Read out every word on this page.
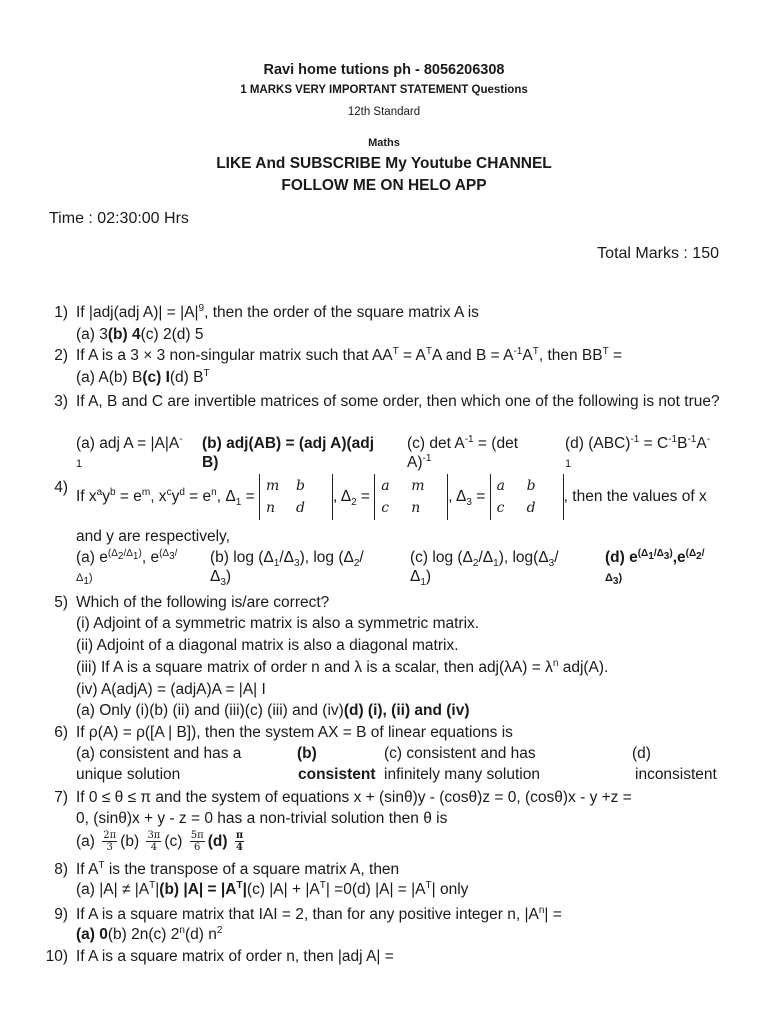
Ravi home tutions ph - 8056206308
1 MARKS VERY IMPORTANT STATEMENT Questions
12th Standard
Maths
LIKE And SUBSCRIBE My Youtube CHANNEL
FOLLOW ME ON HELO APP
Time : 02:30:00 Hrs
Total Marks : 150
1) If |adj(adj $A)| = |A|^9$, then the order of the square matrix A is
(a) 3(b) 4(c) 2(d) 5
2) If A is a 3 × 3 non-singular matrix such that $AA^T = A^TA$ and $B = A^{-1}A^T$, then $BB^T$ =
(a) A(b) B(c) I(d) $B^T$
3) If A, B and C are invertible matrices of some order, then which one of the following is not true?
(a) adj A = |A|A-
1
(b) adj(AB) = (adj A)(adj
B)
(c) $\det A^{-1} = (\det$
A)$^{-1}$
(d) $(ABC)^{-1} = C^{-1}B^{-1}A^-$
1
4)
If $x^ay^b = e^m$, $x^cy^d = e^n$, $\Delta_1 = m$ b
n d, $\Delta_2 = a$ m
c n, $\Delta_3 = a$ b
c d, then the values of x
and y are respectively,
(a) $e^{(\Delta_2/\Delta_1)}$, $e^{(\Delta_3/}$
$\Delta_1$)
(b) $\log (\Delta_1/\Delta_3)$, $\log (\Delta_2/$
$\Delta_3$)
(c) $\log (\Delta_2/\Delta_1)$, $\log(\Delta_3/$
$\Delta_1$)
(d) $e^{(\Delta_1/\Delta_3)},e^{(\Delta_2/}$
$\Delta_3$)
5) Which of the following is/are correct?
(i) Adjoint of a symmetric matrix is also a symmetric matrix.
(ii) Adjoint of a diagonal matrix is also a diagonal matrix.
(iii) If A is a square matrix of order n and λ is a scalar, then $adj(\lambda A) = \lambda^n$ adj(A).
(iv) A(adjA) = (adjA)A = |A| I
(a) Only (i)(b) (ii) and (iii)(c) (iii) and (iv)(d) (i), (ii) and (iv)
6) If ρ(A) = ρ([A | B]), then the system AX = B of linear equations is
(a) consistent and has a
unique solution
(b)
consistent
(c) consistent and has
infinitely many solution
(d)
inconsistent
7) If 0 ≤ θ ≤ π and the system of equations x + (sinθ)y - (cosθ)z = 0, (cosθ)x - y +z =
0, (sinθ)x + y - z = 0 has a non-trivial solution then θ is
$(a) \frac{2\pi}{3} (b) \frac{3\pi}{4} (c) \frac{5\pi}{6} (d) \frac{\pi}{4}$
8) If $A^T$ is the transpose of a square matrix A, then
(a) $|A| \ne |A^T|(b) |A| = |A^T|(c) |A| + |A^T| =0(d) |A| = |A^T|$ only
9) If A is a square matrix that IAI = 2, than for any positive integer n, $|A^n|$ =
(a) 0(b) 2n(c) 2$^n$(d) $n^2$
10) If A is a square matrix of order n, then |adj A| =
